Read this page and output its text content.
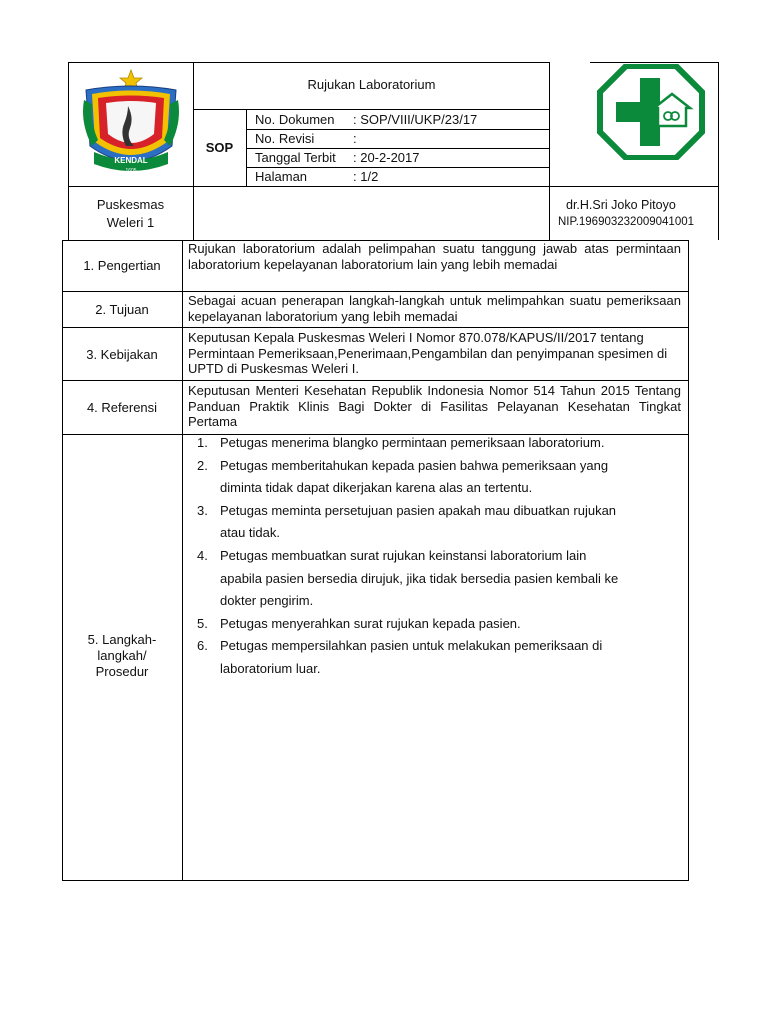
KENDAL
1605
Rujukan Laboratorium
SOP
No. Dokumen : SOP/VIII/UKP/23/17
No. Revisi	:
Tanggal Terbit : 20-2-2017
Halaman	: 1/2
Puskesmas
Weleri 1
dr.H.Sri Joko Pitoyo
NIP.196903232009041001
1. Pengertian
Rujukan laboratorium adalah pelimpahan suatu tanggung jawab atas permintaan laboratorium kepelayanan laboratorium lain yang lebih memadai
2. Tujuan
Sebagai acuan penerapan langkah-langkah untuk melimpahkan suatu pemeriksaan kepelayanan laboratorium yang lebih memadai
3. Kebijakan
Keputusan Kepala Puskesmas Weleri I Nomor 870.078/KAPUS/II/2017 tentang Permintaan Pemeriksaan,Penerimaan,Pengambilan dan penyimpanan spesimen di UPTD di Puskesmas Weleri I.
4. Referensi
Keputusan Menteri Kesehatan Republik Indonesia Nomor 514 Tahun 2015 Tentang Panduan Praktik Klinis Bagi Dokter di Fasilitas Pelayanan Kesehatan Tingkat Pertama
5. Langkah-
langkah/
Prosedur
1. Petugas menerima blangko permintaan pemeriksaan laboratorium.
2. Petugas memberitahukan kepada pasien bahwa pemeriksaan yang
diminta tidak dapat dikerjakan karena alas an tertentu.
3. Petugas meminta persetujuan pasien apakah mau dibuatkan rujukan
atau tidak.
4. Petugas membuatkan surat rujukan keinstansi laboratorium lain
apabila pasien bersedia dirujuk, jika tidak bersedia pasien kembali ke
dokter pengirim.
5. Petugas menyerahkan surat rujukan kepada pasien.
6. Petugas mempersilahkan pasien untuk melakukan pemeriksaan di
laboratorium luar.
